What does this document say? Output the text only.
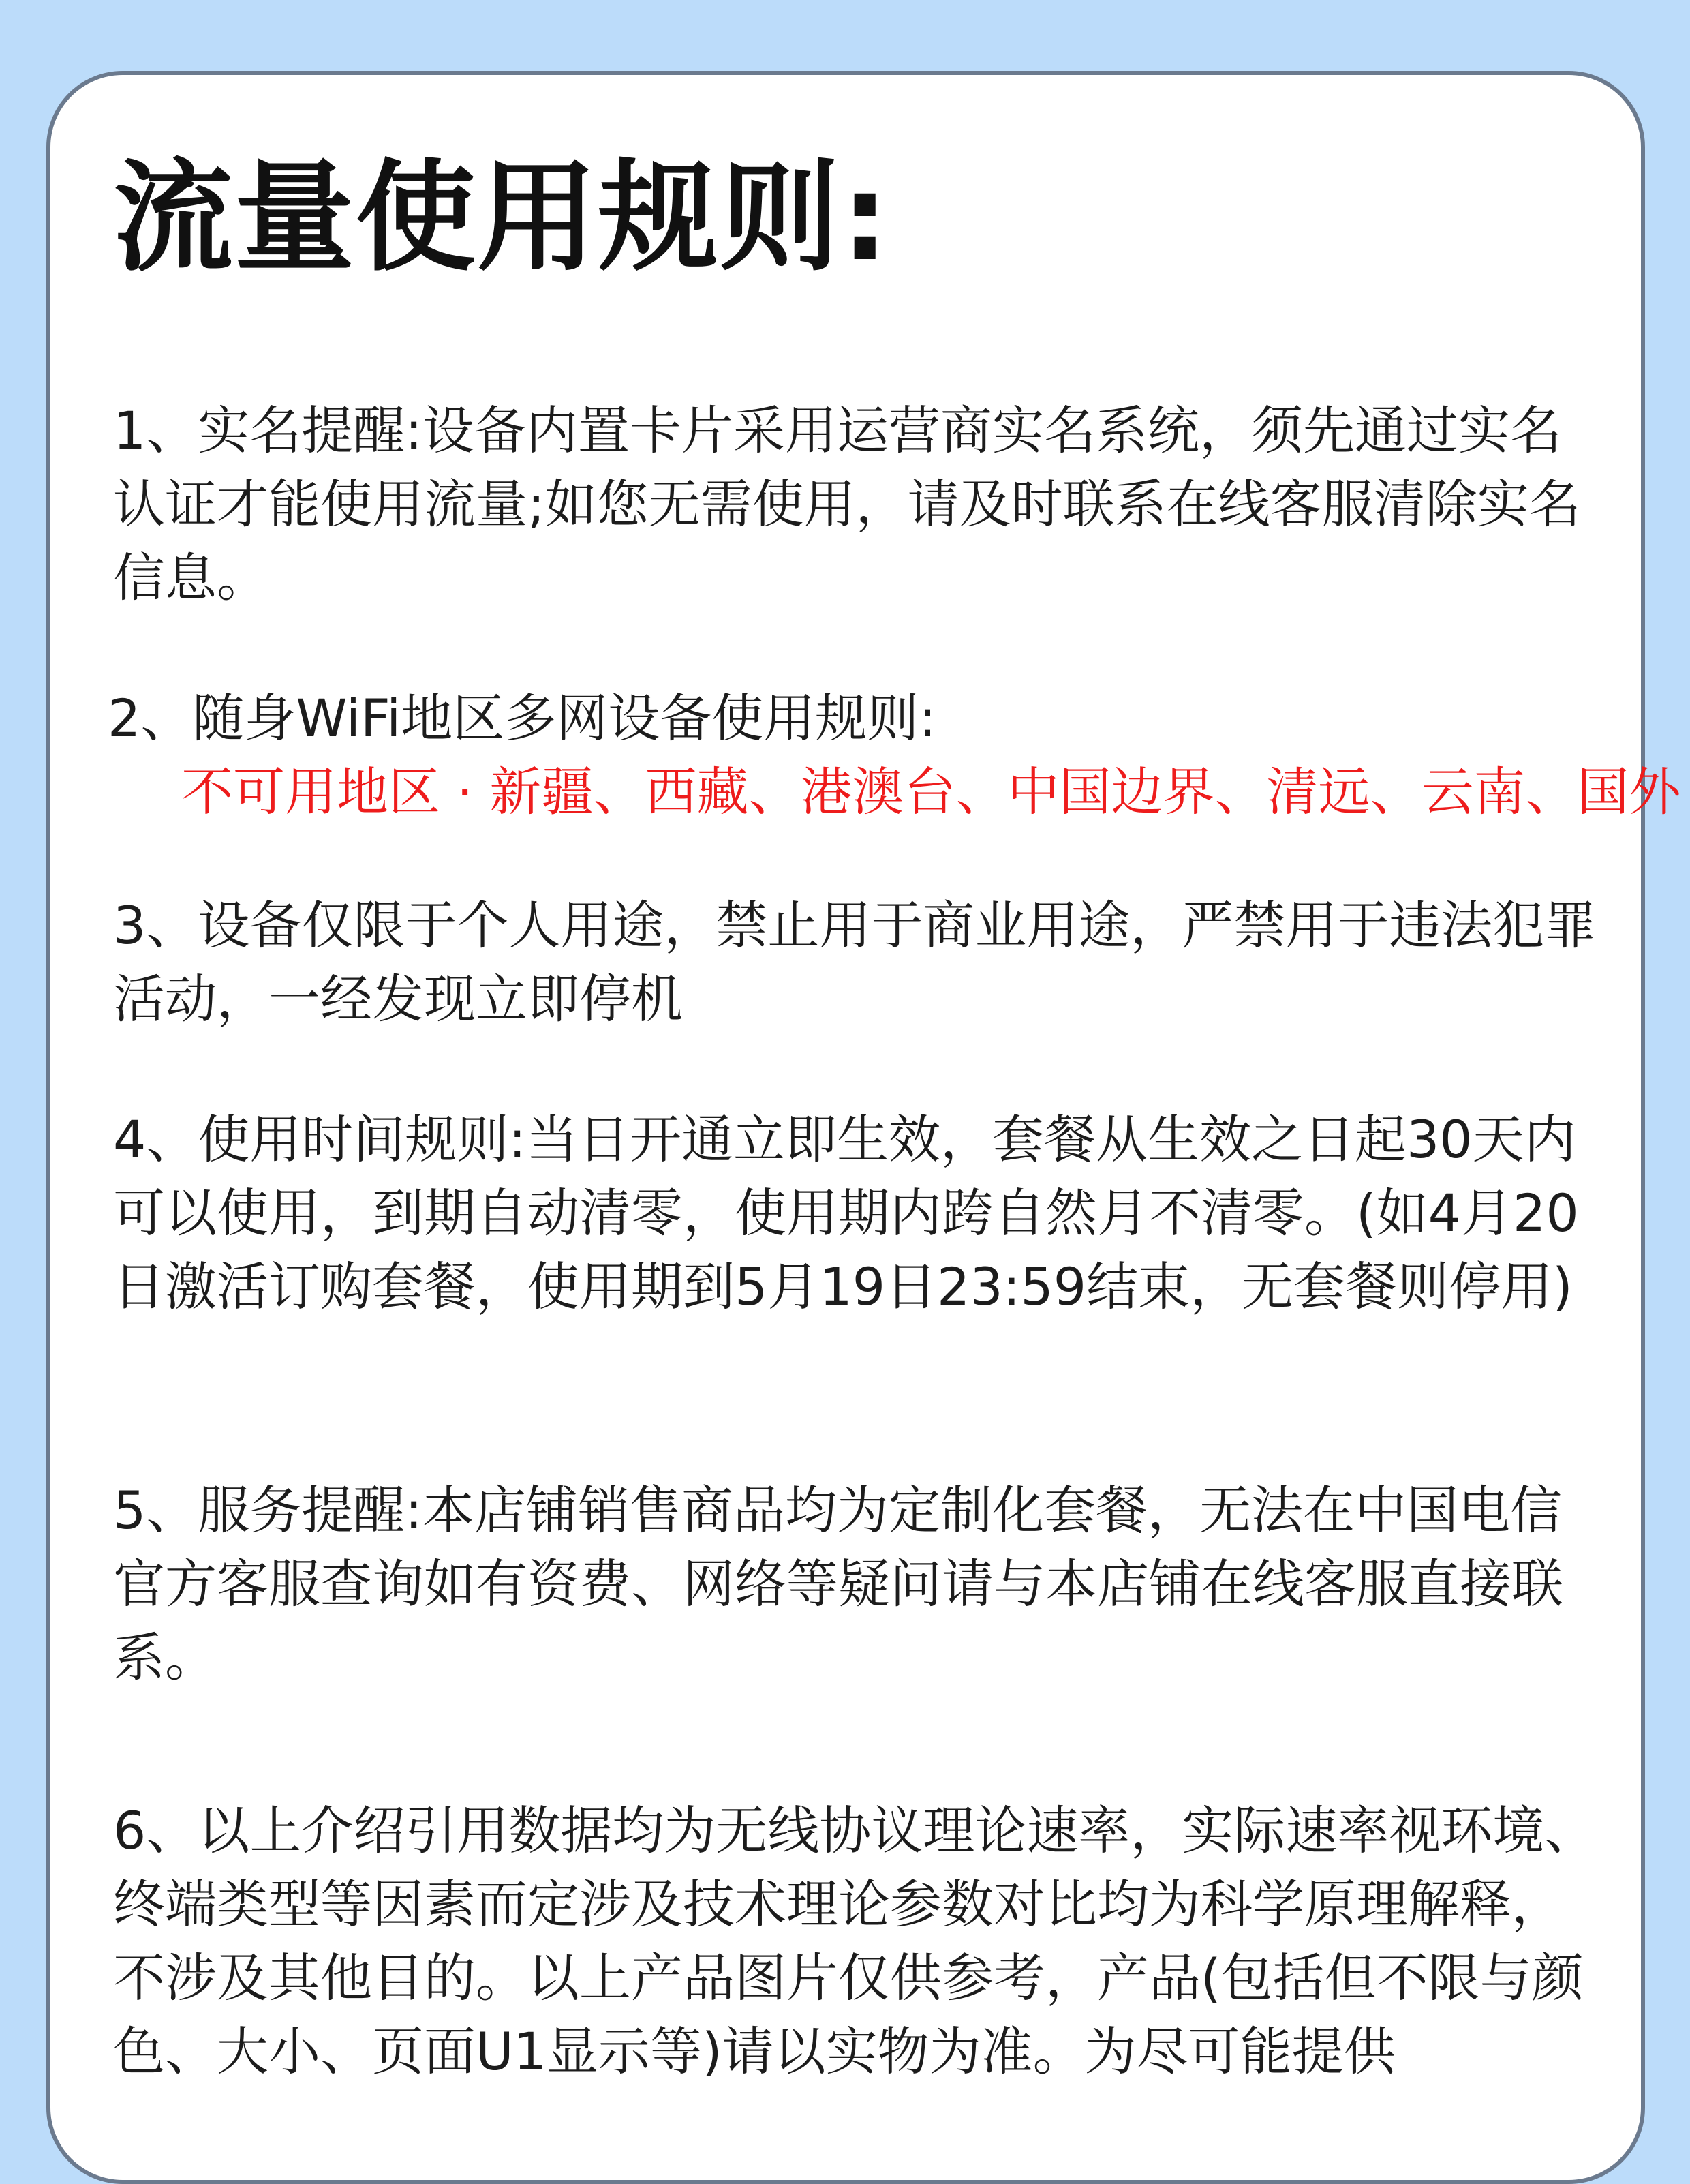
流量使用规则:

1、实名提醒:设备内置卡片采用运营商实名系统，须先通过实名认证才能使用流量;如您无需使用，请及时联系在线客服清除实名信息。

2、随身WiFi地区多网设备使用规则:
不可用地区 · 新疆、西藏、港澳台、中国边界、清远、云南、国外

3、设备仅限于个人用途，禁止用于商业用途，严禁用于违法犯罪活动，一经发现立即停机

4、使用时间规则:当日开通立即生效，套餐从生效之日起30天内可以使用，到期自动清零，使用期内跨自然月不清零。(如4月20日激活订购套餐，使用期到5月19日23:59结束，无套餐则停用)

5、服务提醒:本店铺销售商品均为定制化套餐，无法在中国电信官方客服查询如有资费、网络等疑问请与本店铺在线客服直接联系。

6、以上介绍引用数据均为无线协议理论速率，实际速率视环境、终端类型等因素而定涉及技术理论参数对比均为科学原理解释，不涉及其他目的。以上产品图片仅供参考，产品(包括但不限与颜色、大小、页面U1显示等)请以实物为准。为尽可能提供
